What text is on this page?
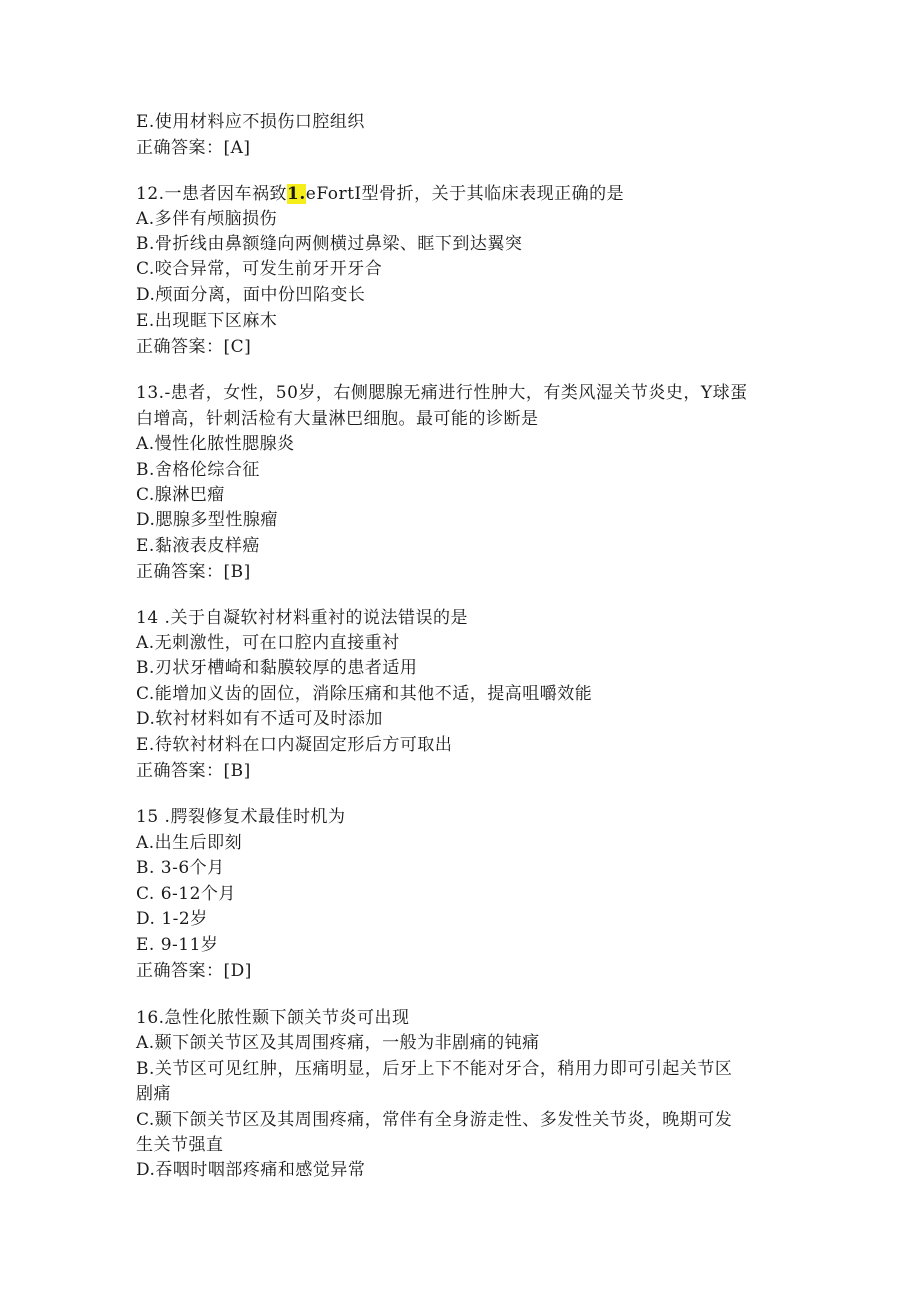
E.使用材料应不损伤口腔组织
正确答案：[A]
12.一患者因车祸致1.eFortI型骨折，关于其临床表现正确的是
A.多伴有颅脑损伤
B.骨折线由鼻额缝向两侧横过鼻梁、眶下到达翼突
C.咬合异常，可发生前牙开牙合
D.颅面分离，面中份凹陷变长
E.出现眶下区麻木
正确答案：[C]
13.-患者，女性，50岁，右侧腮腺无痛进行性肿大，有类风湿关节炎史，Y球蛋
白增高，针刺活检有大量淋巴细胞。最可能的诊断是
A.慢性化脓性腮腺炎
B.舍格伦综合征
C.腺淋巴瘤
D.腮腺多型性腺瘤
E.黏液表皮样癌
正确答案：[B]
14 .关于自凝软衬材料重衬的说法错误的是
A.无刺激性，可在口腔内直接重衬
B.刃状牙槽崎和黏膜较厚的患者适用
C.能增加义齿的固位，消除压痛和其他不适，提高咀嚼效能
D.软衬材料如有不适可及时添加
E.待软衬材料在口内凝固定形后方可取出
正确答案：[B]
15 .腭裂修复术最佳时机为
A.出生后即刻
B. 3-6个月
C. 6-12个月
D. 1-2岁
E. 9-11岁
正确答案：[D]
16.急性化脓性颞下颌关节炎可出现
A.颞下颌关节区及其周围疼痛，一般为非剧痛的钝痛
B.关节区可见红肿，压痛明显，后牙上下不能对牙合，稍用力即可引起关节区
剧痛
C.颞下颌关节区及其周围疼痛，常伴有全身游走性、多发性关节炎，晚期可发
生关节强直
D.吞咽时咽部疼痛和感觉异常
